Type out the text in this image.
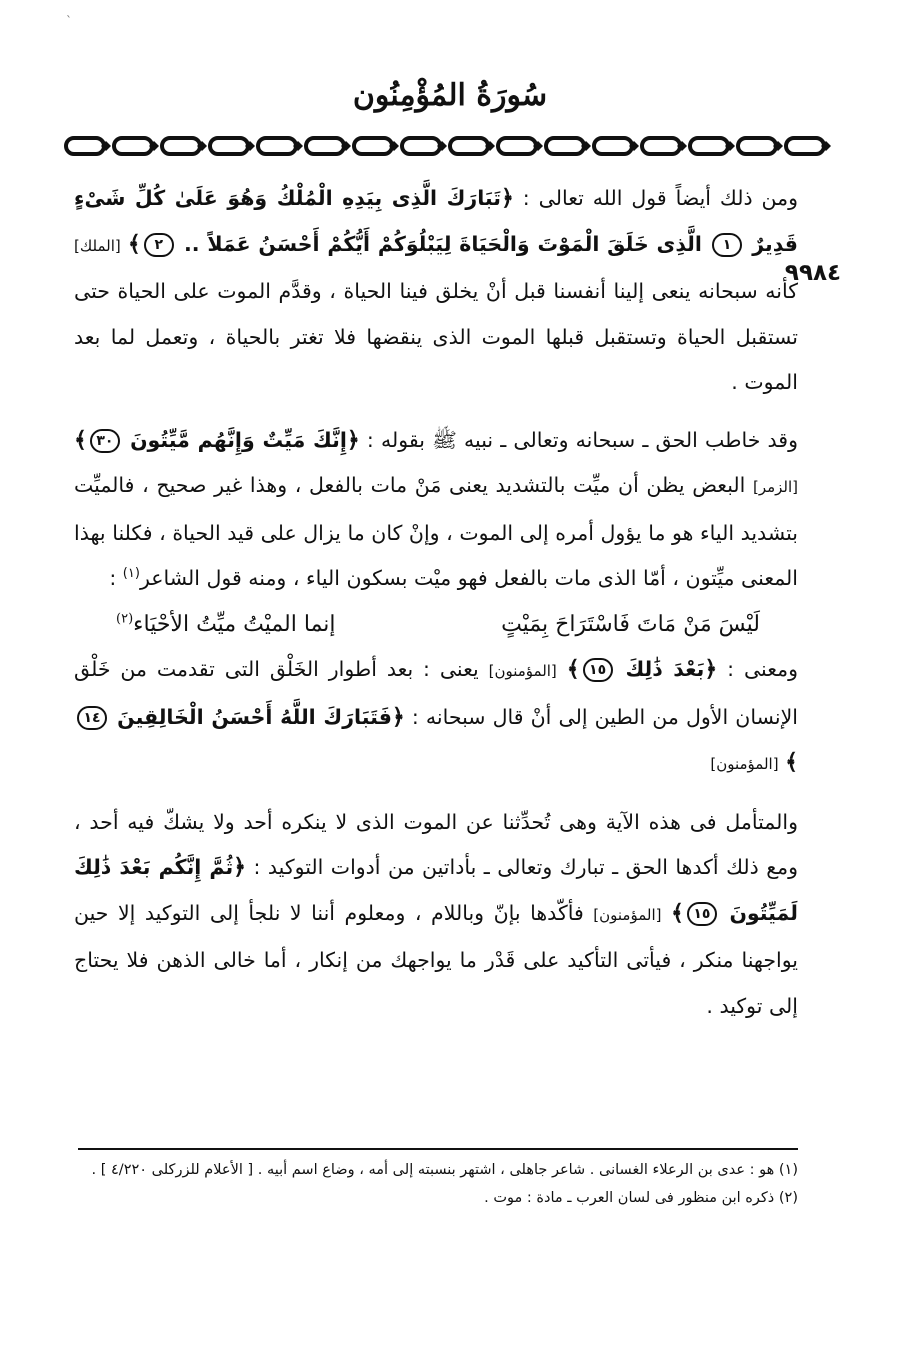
ˋ
سُورَةُ المُؤْمِنُون
٩٩٨٤

ومن ذلك أيضاً قول الله تعالى : ﴿تَبَارَكَ الَّذِى بِيَدِهِ الْمُلْكُ وَهُوَ عَلَىٰ كُلِّ شَىْءٍ قَدِيرٌ ١ الَّذِى خَلَقَ الْمَوْتَ وَالْحَيَاةَ لِيَبْلُوَكُمْ أَيُّكُمْ أَحْسَنُ عَمَلاً .. ٢﴾ [الملك] كأنه سبحانه ينعى إلينا أنفسنا قبل أنْ يخلق فينا الحياة ، وقدَّم الموت على الحياة حتى تستقبل الحياة وتستقبل قبلها الموت الذى ينقضها فلا تغتر بالحياة ، وتعمل لما بعد الموت .

وقد خاطب الحق ـ سبحانه وتعالى ـ نبيه ﷺ بقوله : ﴿إِنَّكَ مَيِّتٌ وَإِنَّهُم مَّيِّتُونَ ٣٠﴾ [الزمر] البعض يظن أن ميِّت بالتشديد يعنى مَنْ مات بالفعل ، وهذا غير صحيح ، فالميِّت بتشديد الياء هو ما يؤول أمره إلى الموت ، وإنْ كان ما يزال على قيد الحياة ، فكلنا بهذا المعنى ميِّتون ، أمّا الذى مات بالفعل فهو ميْت بسكون الياء ، ومنه قول الشاعر$^{(١)}$ :

لَيْسَ مَنْ مَاتَ فَاسْتَرَاحَ بِمَيْتٍ
إنما الميْتُ ميِّتُ الأحْيَاء$^{(٢)}$

ومعنى : ﴿بَعْدَ ذَٰلِكَ ١٥﴾ [المؤمنون] يعنى : بعد أطوار الخَلْق التى تقدمت من خَلْق الإنسان الأول من الطين إلى أنْ قال سبحانه : ﴿فَتَبَارَكَ اللَّهُ أَحْسَنُ الْخَالِقِينَ ١٤﴾ [المؤمنون]

والمتأمل فى هذه الآية وهى تُحدِّثنا عن الموت الذى لا ينكره أحد ولا يشكّ فيه أحد ، ومع ذلك أكدها الحق ـ تبارك وتعالى ـ بأداتين من أدوات التوكيد : ﴿ثُمَّ إِنَّكُم بَعْدَ ذَٰلِكَ لَمَيِّتُونَ ١٥﴾ [المؤمنون] فأكّدها بإنّ وباللام ، ومعلوم أننا لا نلجأ إلى التوكيد إلا حين يواجهنا منكر ، فيأتى التأكيد على قَدْر ما يواجهك من إنكار ، أما خالى الذهن فلا يحتاج إلى توكيد .

(١) هو : عدى بن الرعلاء الغسانى . شاعر جاهلى ، اشتهر بنسبته إلى أمه ، وضاع اسم أبيه . [ الأعلام للزركلى ٤/٢٢٠ ] .

(٢) ذكره ابن منظور فى لسان العرب ـ مادة : موت .
